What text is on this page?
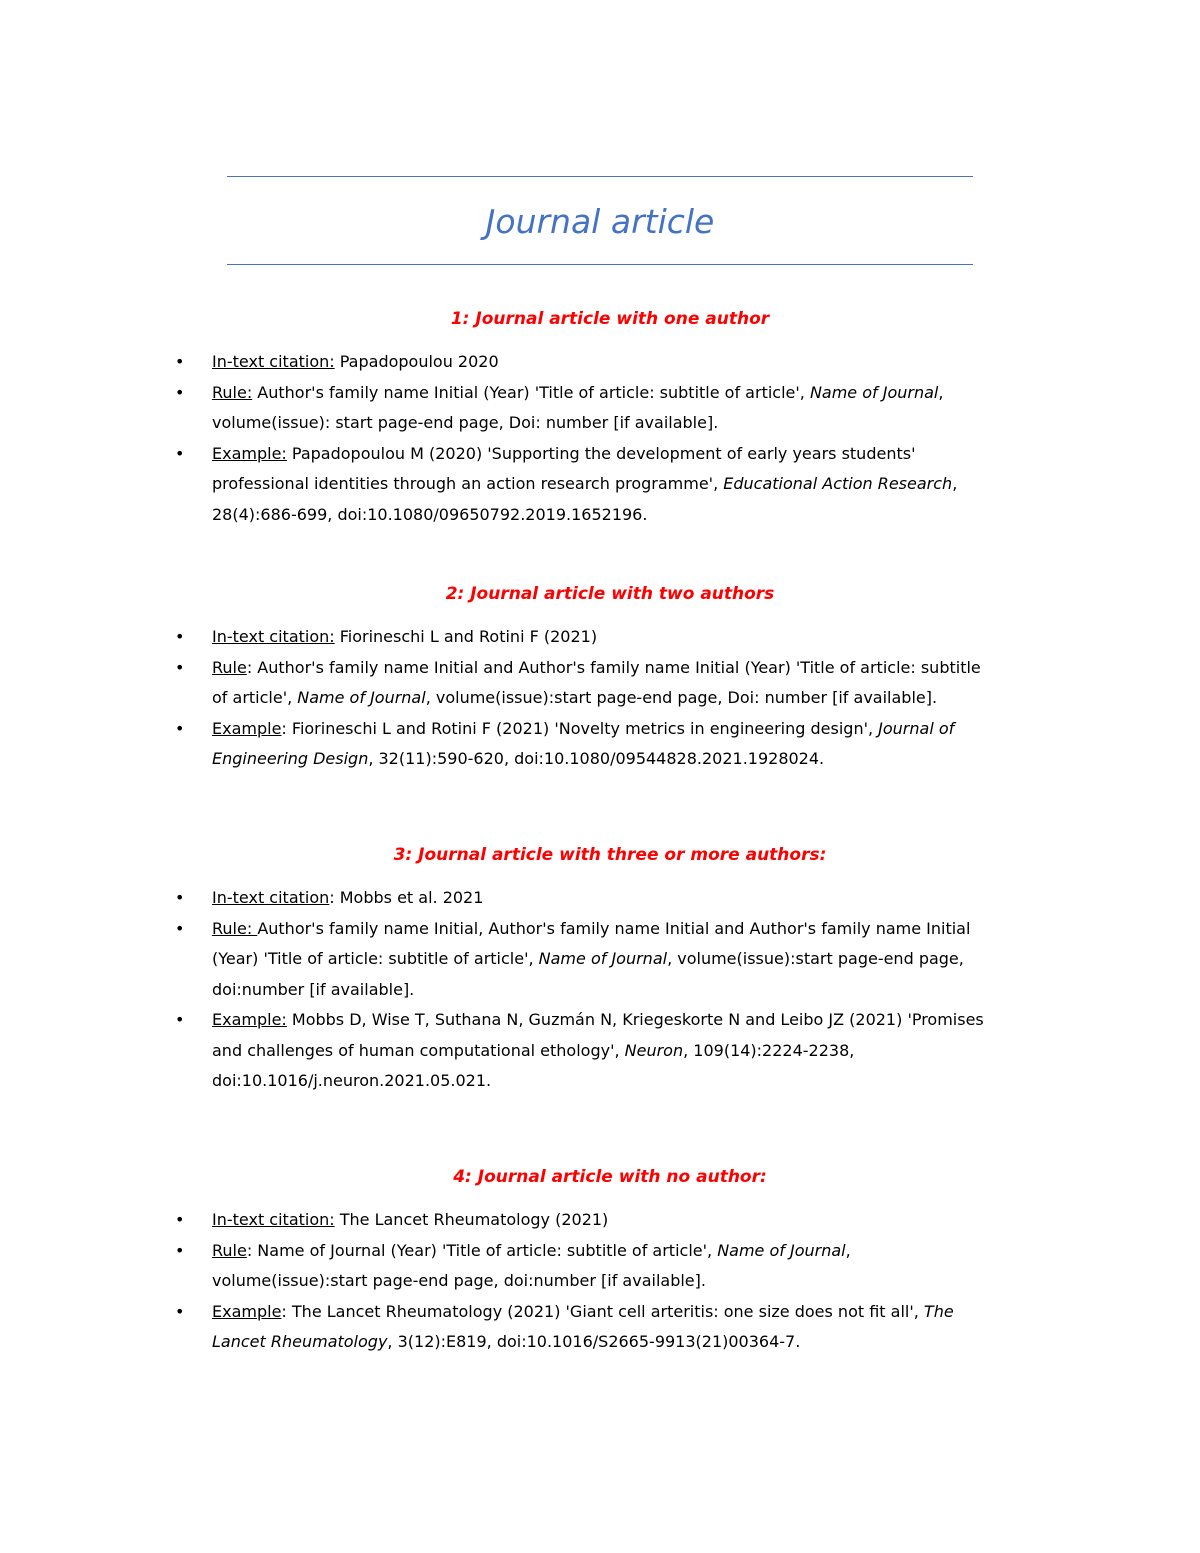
Journal article
1: Journal article with one author
• In-text citation: Papadopoulou 2020
• Rule: Author's family name Initial (Year) 'Title of article: subtitle of article', Name of Journal,
volume(issue): start page-end page, Doi: number [if available].
• Example: Papadopoulou M (2020) 'Supporting the development of early years students'
professional identities through an action research programme', Educational Action Research,
28(4):686-699, doi:10.1080/09650792.2019.1652196.
2: Journal article with two authors
• In-text citation: Fiorineschi L and Rotini F (2021)
• Rule: Author's family name Initial and Author's family name Initial (Year) 'Title of article: subtitle
of article', Name of Journal, volume(issue):start page-end page, Doi: number [if available].
• Example: Fiorineschi L and Rotini F (2021) 'Novelty metrics in engineering design', Journal of
Engineering Design, 32(11):590-620, doi:10.1080/09544828.2021.1928024.
3: Journal article with three or more authors:
• In-text citation: Mobbs et al. 2021
• Rule: Author's family name Initial, Author's family name Initial and Author's family name Initial
(Year) 'Title of article: subtitle of article', Name of Journal, volume(issue):start page-end page,
doi:number [if available].
• Example: Mobbs D, Wise T, Suthana N, Guzmán N, Kriegeskorte N and Leibo JZ (2021) 'Promises
and challenges of human computational ethology', Neuron, 109(14):2224-2238,
doi:10.1016/j.neuron.2021.05.021.
4: Journal article with no author:
• In-text citation: The Lancet Rheumatology (2021)
• Rule: Name of Journal (Year) 'Title of article: subtitle of article', Name of Journal,
volume(issue):start page-end page, doi:number [if available].
• Example: The Lancet Rheumatology (2021) 'Giant cell arteritis: one size does not fit all', The
Lancet Rheumatology, 3(12):E819, doi:10.1016/S2665-9913(21)00364-7.
